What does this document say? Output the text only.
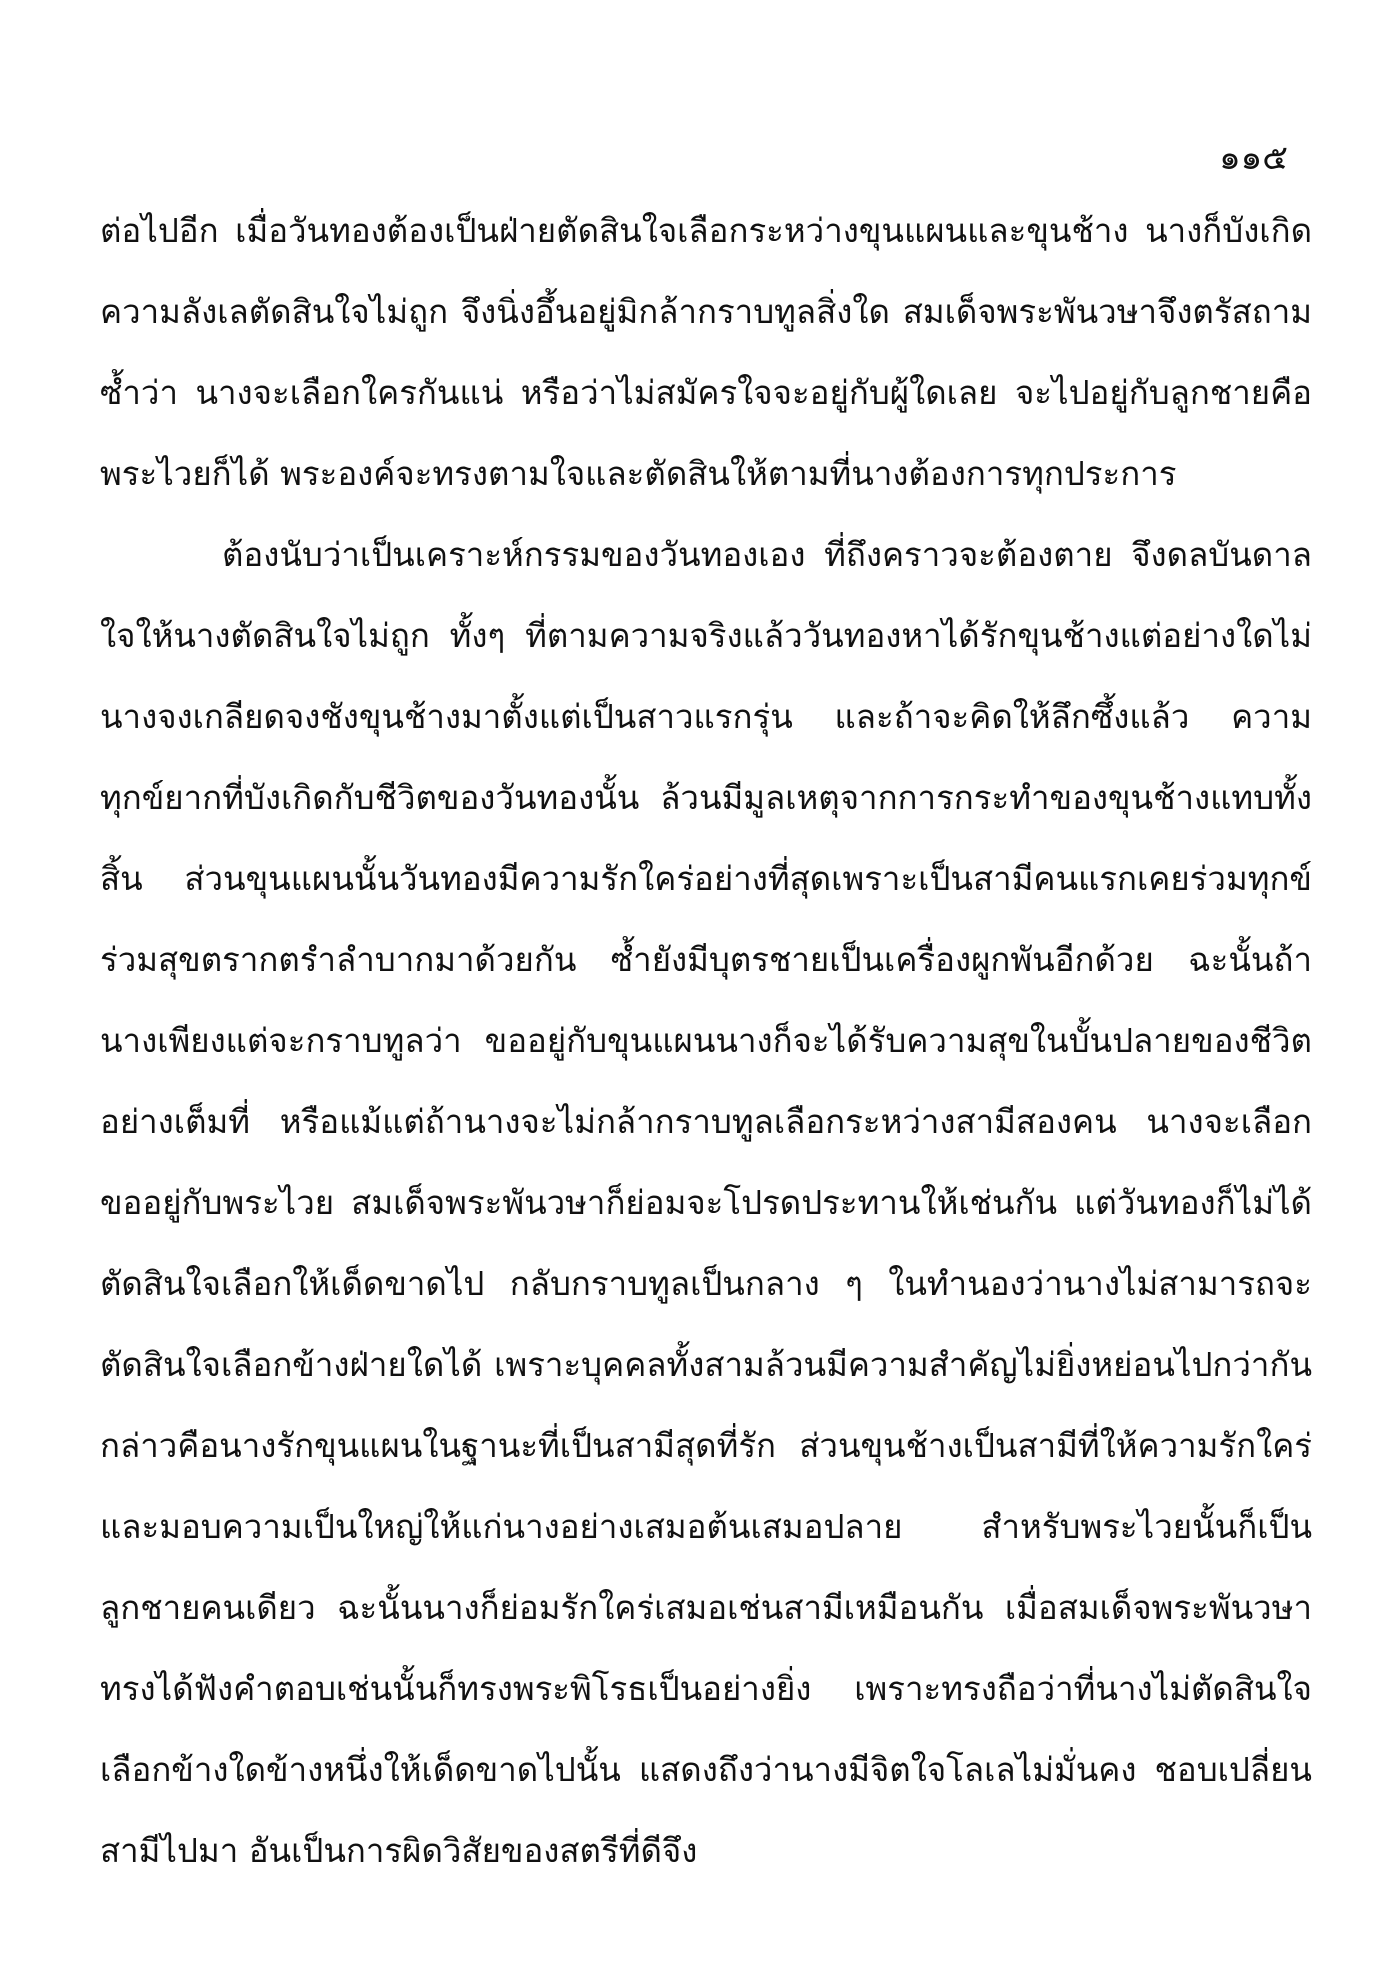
๑๑๕

ต่อไปอีก เมื่อวันทองต้องเป็นฝ่ายตัดสินใจเลือกระหว่างขุนแผนและขุนช้าง นางก็บังเกิดความลังเลตัดสินใจไม่ถูก จึงนิ่งอึ้นอยู่มิกล้ากราบทูลสิ่งใด สมเด็จพระพันวษาจึงตรัสถามซ้ำว่า นางจะเลือกใครกันแน่ หรือว่าไม่สมัครใจจะอยู่กับผู้ใดเลย จะไปอยู่กับลูกชายคือพระไวยก็ได้ พระองค์จะทรงตามใจและตัดสินให้ตามที่นางต้องการทุกประการ

ต้องนับว่าเป็นเคราะห์กรรมของวันทองเอง ที่ถึงคราวจะต้องตาย จึงดลบันดาลใจให้นางตัดสินใจไม่ถูก ทั้งๆ ที่ตามความจริงแล้ววันทองหาได้รักขุนช้างแต่อย่างใดไม่ นางจงเกลียดจงชังขุนช้างมาตั้งแต่เป็นสาวแรกรุ่น และถ้าจะคิดให้ลึกซึ้งแล้ว ความทุกข์ยากที่บังเกิดกับชีวิตของวันทองนั้น ล้วนมีมูลเหตุจากการกระทำของขุนช้างแทบทั้งสิ้น ส่วนขุนแผนนั้นวันทองมีความรักใคร่อย่างที่สุดเพราะเป็นสามีคนแรกเคยร่วมทุกข์ร่วมสุขตรากตรำลำบากมาด้วยกัน ซ้ำยังมีบุตรชายเป็นเครื่องผูกพันอีกด้วย ฉะนั้นถ้านางเพียงแต่จะกราบทูลว่า ขออยู่กับขุนแผนนางก็จะได้รับความสุขในบั้นปลายของชีวิตอย่างเต็มที่ หรือแม้แต่ถ้านางจะไม่กล้ากราบทูลเลือกระหว่างสามีสองคน นางจะเลือกขออยู่กับพระไวย สมเด็จพระพันวษาก็ย่อมจะโปรดประทานให้เช่นกัน แต่วันทองก็ไม่ได้ตัดสินใจเลือกให้เด็ดขาดไป กลับกราบทูลเป็นกลาง ๆ ในทำนองว่านางไม่สามารถจะตัดสินใจเลือกข้างฝ่ายใดได้ เพราะบุคคลทั้งสามล้วนมีความสำคัญไม่ยิ่งหย่อนไปกว่ากัน กล่าวคือนางรักขุนแผนในฐานะที่เป็นสามีสุดที่รัก ส่วนขุนช้างเป็นสามีที่ให้ความรักใคร่และมอบความเป็นใหญ่ให้แก่นางอย่างเสมอต้นเสมอปลาย สำหรับพระไวยนั้นก็เป็นลูกชายคนเดียว ฉะนั้นนางก็ย่อมรักใคร่เสมอเช่นสามีเหมือนกัน เมื่อสมเด็จพระพันวษาทรงได้ฟังคำตอบเช่นนั้นก็ทรงพระพิโรธเป็นอย่างยิ่ง เพราะทรงถือว่าที่นางไม่ตัดสินใจเลือกข้างใดข้างหนึ่งให้เด็ดขาดไปนั้น แสดงถึงว่านางมีจิตใจโลเลไม่มั่นคง ชอบเปลี่ยนสามีไปมา อันเป็นการผิดวิสัยของสตรีที่ดีจึง
